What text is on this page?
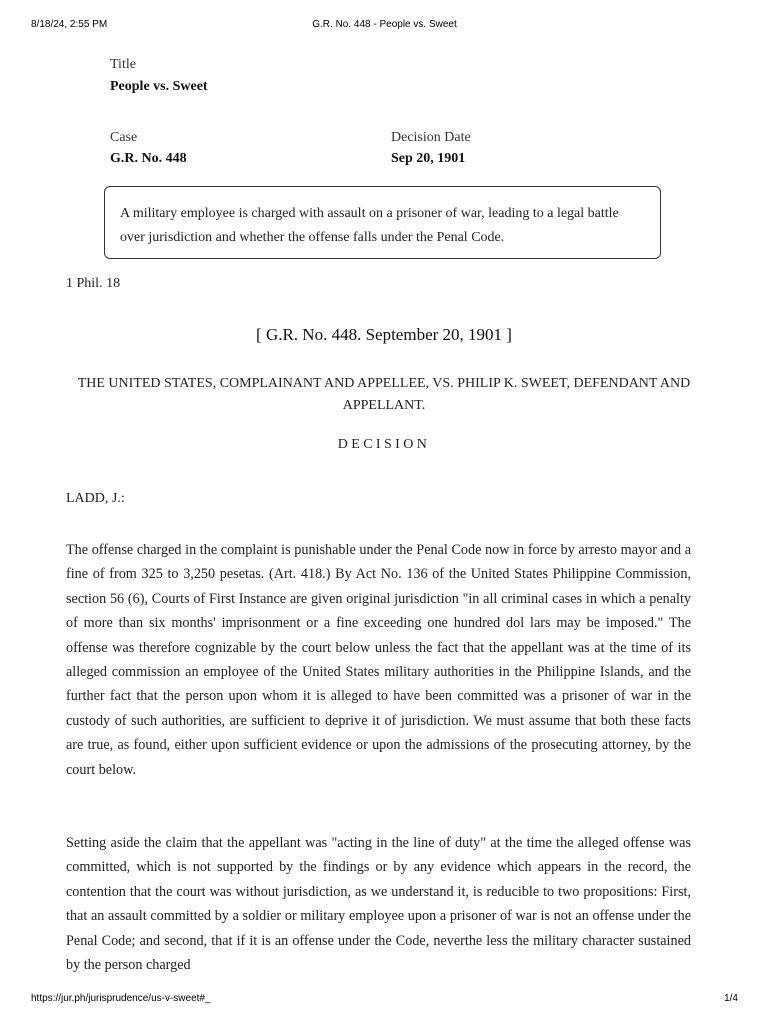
8/18/24, 2:55 PM	G.R. No. 448 - People vs. Sweet
Title
People vs. Sweet
Case
G.R. No. 448
Decision Date
Sep 20, 1901
A military employee is charged with assault on a prisoner of war, leading to a legal battle over jurisdiction and whether the offense falls under the Penal Code.
1 Phil. 18
[ G.R. No. 448. September 20, 1901 ]
THE UNITED STATES, COMPLAINANT AND APPELLEE, VS. PHILIP K. SWEET, DEFENDANT AND APPELLANT.
DECISION
LADD, J.:

The offense charged in the complaint is punishable under the Penal Code now in force by arresto mayor and a fine of from 325 to 3,250 pesetas. (Art. 418.) By Act No. 136 of the United States Philippine Commission, section 56 (6), Courts of First Instance are given original jurisdiction "in all criminal cases in which a penalty of more than six months' imprisonment or a fine exceeding one hundred dol lars may be imposed." The offense was therefore cognizable by the court below unless the fact that the appellant was at the time of its alleged commission an employee of the United States military authorities in the Philippine Islands, and the further fact that the person upon whom it is alleged to have been committed was a prisoner of war in the custody of such authorities, are sufficient to deprive it of jurisdiction. We must assume that both these facts are true, as found, either upon sufficient evidence or upon the admissions of the prosecuting attorney, by the court below.

Setting aside the claim that the appellant was "acting in the line of duty" at the time the alleged offense was committed, which is not supported by the findings or by any evidence which appears in the record, the contention that the court was without jurisdiction, as we understand it, is reducible to two propositions: First, that an assault committed by a soldier or military employee upon a prisoner of war is not an offense under the Penal Code; and second, that if it is an offense under the Code, neverthe less the military character sustained by the person charged

https://jur.ph/jurisprudence/us-v-sweet#_	1/4
